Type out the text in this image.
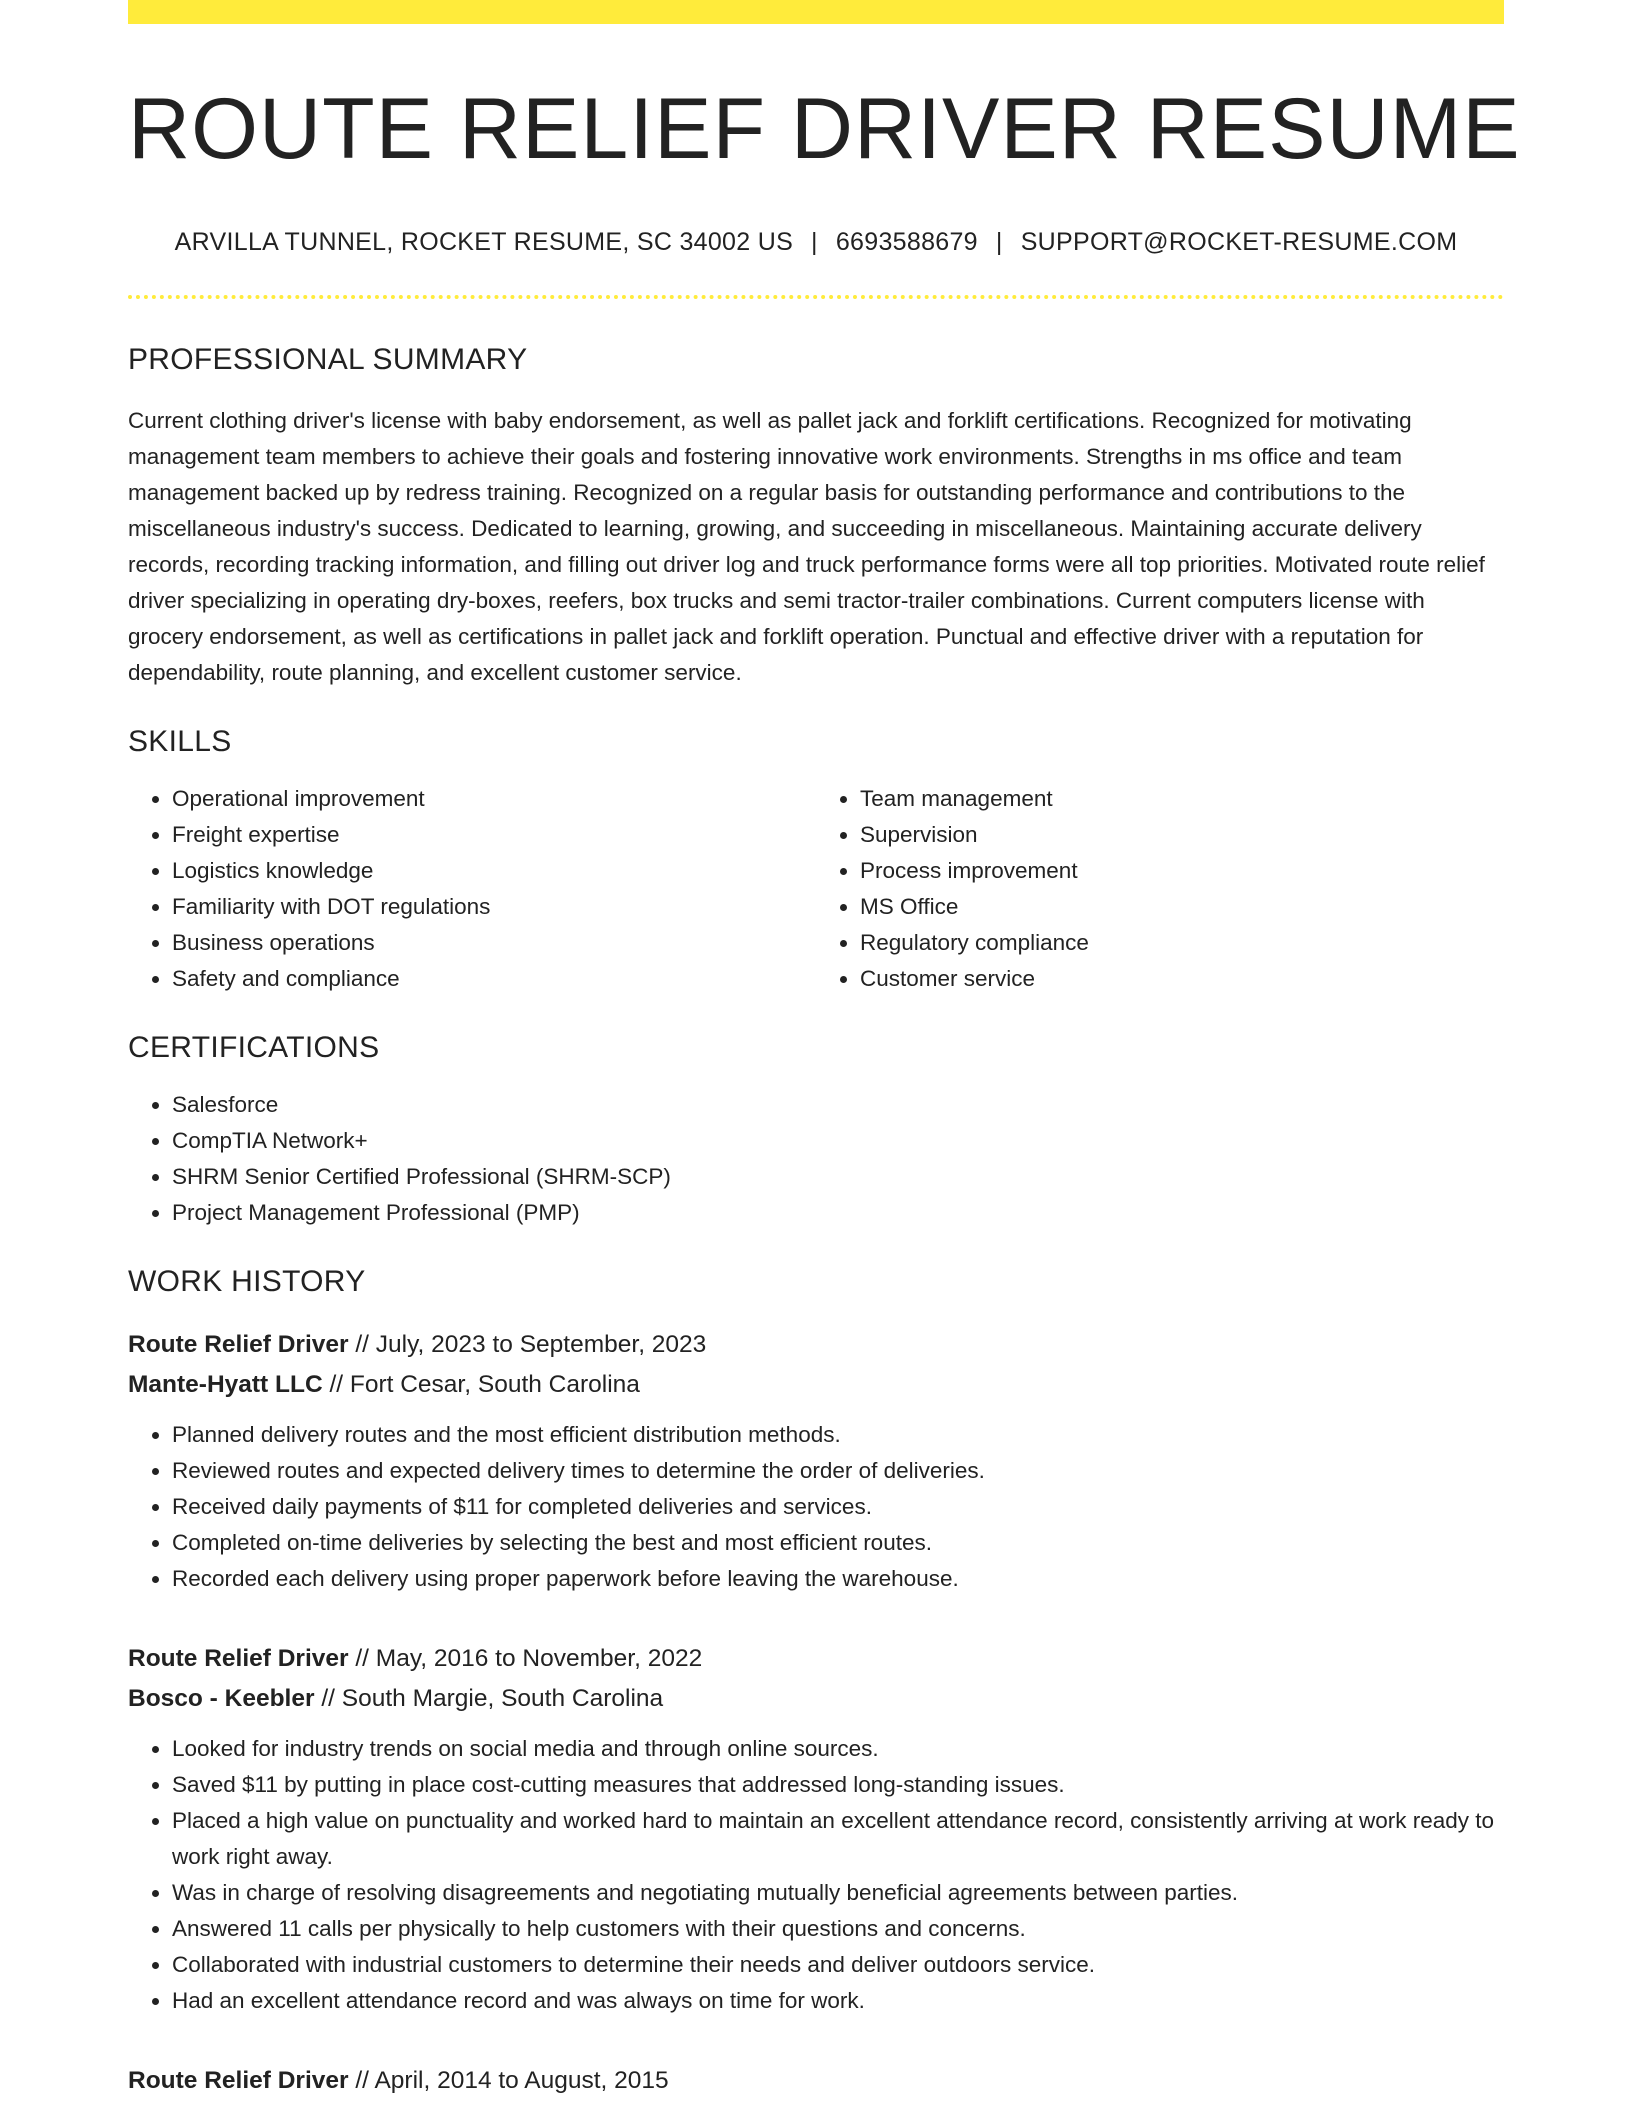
ROUTE RELIEF DRIVER RESUME
ARVILLA TUNNEL, ROCKET RESUME, SC 34002 US | 6693588679 | SUPPORT@ROCKET-RESUME.COM
PROFESSIONAL SUMMARY

Current clothing driver's license with baby endorsement, as well as pallet jack and forklift certifications. Recognized for motivating management team members to achieve their goals and fostering innovative work environments. Strengths in ms office and team management backed up by redress training. Recognized on a regular basis for outstanding performance and contributions to the miscellaneous industry's success. Dedicated to learning, growing, and succeeding in miscellaneous. Maintaining accurate delivery records, recording tracking information, and filling out driver log and truck performance forms were all top priorities. Motivated route relief driver specializing in operating dry-boxes, reefers, box trucks and semi tractor-trailer combinations. Current computers license with grocery endorsement, as well as certifications in pallet jack and forklift operation. Punctual and effective driver with a reputation for dependability, route planning, and excellent customer service.

SKILLS
• Operational improvement
• Freight expertise
• Logistics knowledge
• Familiarity with DOT regulations
• Business operations
• Safety and compliance
• Team management
• Supervision
• Process improvement
• MS Office
• Regulatory compliance
• Customer service
CERTIFICATIONS
• Salesforce
• CompTIA Network+
• SHRM Senior Certified Professional (SHRM-SCP)
• Project Management Professional (PMP)
WORK HISTORY
Route Relief Driver // July, 2023 to September, 2023
Mante-Hyatt LLC // Fort Cesar, South Carolina
• Planned delivery routes and the most efficient distribution methods.
• Reviewed routes and expected delivery times to determine the order of deliveries.
• Received daily payments of $11 for completed deliveries and services.
• Completed on-time deliveries by selecting the best and most efficient routes.
• Recorded each delivery using proper paperwork before leaving the warehouse.
Route Relief Driver // May, 2016 to November, 2022
Bosco - Keebler // South Margie, South Carolina
• Looked for industry trends on social media and through online sources.
• Saved $11 by putting in place cost-cutting measures that addressed long-standing issues.
• Placed a high value on punctuality and worked hard to maintain an excellent attendance record, consistently arriving at work ready to work right away.
• Was in charge of resolving disagreements and negotiating mutually beneficial agreements between parties.
• Answered 11 calls per physically to help customers with their questions and concerns.
• Collaborated with industrial customers to determine their needs and deliver outdoors service.
• Had an excellent attendance record and was always on time for work.
Route Relief Driver // April, 2014 to August, 2015
